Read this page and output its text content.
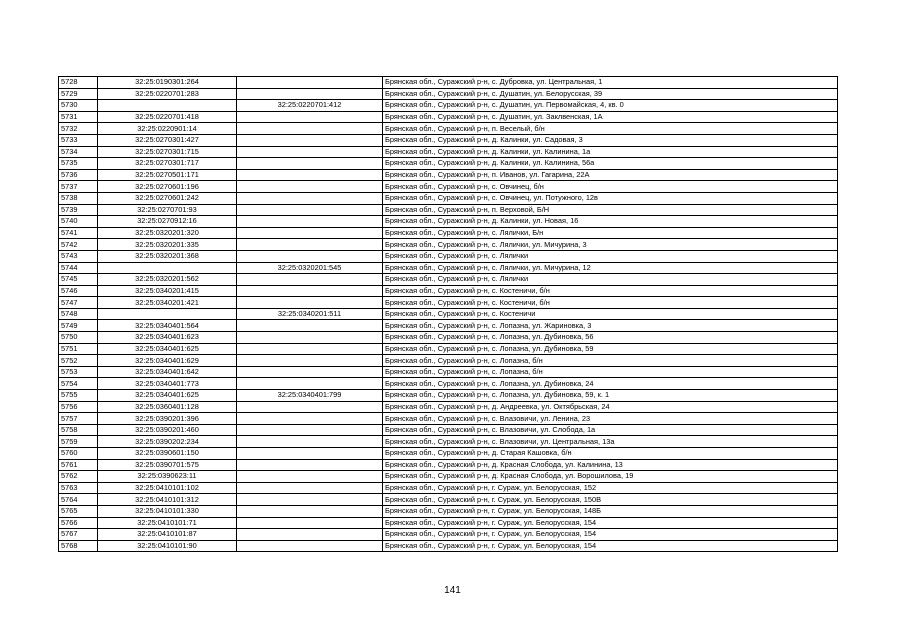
5728	32:25:0190301:264		Брянская обл., Суражский р-н, с. Дубровка, ул. Центральная, 1
5729	32:25:0220701:283		Брянская обл., Суражский р-н, с. Душатин, ул. Белорусская, 39
5730		32:25:0220701:412	Брянская обл., Суражский р-н, с. Душатин, ул. Первомайская, 4, кв. 0
5731	32:25:0220701:418		Брянская обл., Суражский р-н, с. Душатин, ул. Заклвенская, 1А
5732	32:25:0220901:14		Брянская обл., Суражский р-н, п. Веселый, б/н
5733	32:25:0270301:427		Брянская обл., Суражский р-н, д. Калинки, ул. Садовая, 3
5734	32:25:0270301:715		Брянская обл., Суражский р-н, д. Калинки, ул. Калинина, 1а
5735	32:25:0270301:717		Брянская обл., Суражский р-н, д. Калинки, ул. Калинина, 56а
5736	32:25:0270501:171		Брянская обл., Суражский р-н, п. Иванов, ул. Гагарина, 22А
5737	32:25:0270601:196		Брянская обл., Суражский р-н, с. Овчинец, б/н
5738	32:25:0270601:242		Брянская обл., Суражский р-н, с. Овчинец, ул. Потужного, 12в
5739	32:25:0270701:93		Брянская обл., Суражский р-н, п. Верховой, Б/Н
5740	32:25:0270912:16		Брянская обл., Суражский р-н, д. Калинки, ул. Новая, 16
5741	32:25:0320201:320		Брянская обл., Суражский р-н, с. Лялички, Б/н
5742	32:25:0320201:335		Брянская обл., Суражский р-н, с. Лялички, ул. Мичурина, 3
5743	32:25:0320201:368		Брянская обл., Суражский р-н, с. Лялички
5744		32:25:0320201:545	Брянская обл., Суражский р-н, с. Лялички, ул. Мичурина, 12
5745	32:25:0320201:562		Брянская обл., Суражский р-н, с. Лялички
5746	32:25:0340201:415		Брянская обл., Суражский р-н, с. Костеничи, б/н
5747	32:25:0340201:421		Брянская обл., Суражский р-н, с. Костеничи, б/н
5748		32:25:0340201:511	Брянская обл., Суражский р-н, с. Костеничи
5749	32:25:0340401:564		Брянская обл., Суражский р-н, с. Лопазна, ул. Жариновка, 3
5750	32:25:0340401:623		Брянская обл., Суражский р-н, с. Лопазна, ул. Дубиновка, 56
5751	32:25:0340401:625		Брянская обл., Суражский р-н, с. Лопазна, ул. Дубиновка, 59
5752	32:25:0340401:629		Брянская обл., Суражский р-н, с. Лопазна, б/н
5753	32:25:0340401:642		Брянская обл., Суражский р-н, с. Лопазна, б/н
5754	32:25:0340401:773		Брянская обл., Суражский р-н, с. Лопазна, ул. Дубиновка, 24
5755	32:25:0340401:625	32:25:0340401:799	Брянская обл., Суражский р-н, с. Лопазна, ул. Дубиновка, 59, к. 1
5756	32:25:0360401:128		Брянская обл., Суражский р-н, д. Андреевка, ул. Октябрьская, 24
5757	32:25:0390201:396		Брянская обл., Суражский р-н, с. Влазовичи, ул. Ленина, 23
5758	32:25:0390201:460		Брянская обл., Суражский р-н, с. Влазовичи, ул. Слобода, 1а
5759	32:25:0390202:234		Брянская обл., Суражский р-н, с. Влазовичи, ул. Центральная, 13а
5760	32:25:0390601:150		Брянская обл., Суражский р-н, д. Старая Кашовка, б/н
5761	32:25:0390701:575		Брянская обл., Суражский р-н, д. Красная Слобода, ул. Калинина, 13
5762	32:25:0390623:11		Брянская обл., Суражский р-н, д. Красная Слобода, ул. Ворошилова, 19
5763	32:25:0410101:102		Брянская обл., Суражский р-н, г. Сураж, ул. Белорусская, 152
5764	32:25:0410101:312		Брянская обл., Суражский р-н, г. Сураж, ул. Белорусская, 150В
5765	32:25:0410101:330		Брянская обл., Суражский р-н, г. Сураж, ул. Белорусская, 148Б
5766	32:25:0410101:71		Брянская обл., Суражский р-н, г. Сураж, ул. Белорусская, 154
5767	32:25:0410101:87		Брянская обл., Суражский р-н, г. Сураж, ул. Белорусская, 154
5768	32:25:0410101:90		Брянская обл., Суражский р-н, г. Сураж, ул. Белорусская, 154
141
